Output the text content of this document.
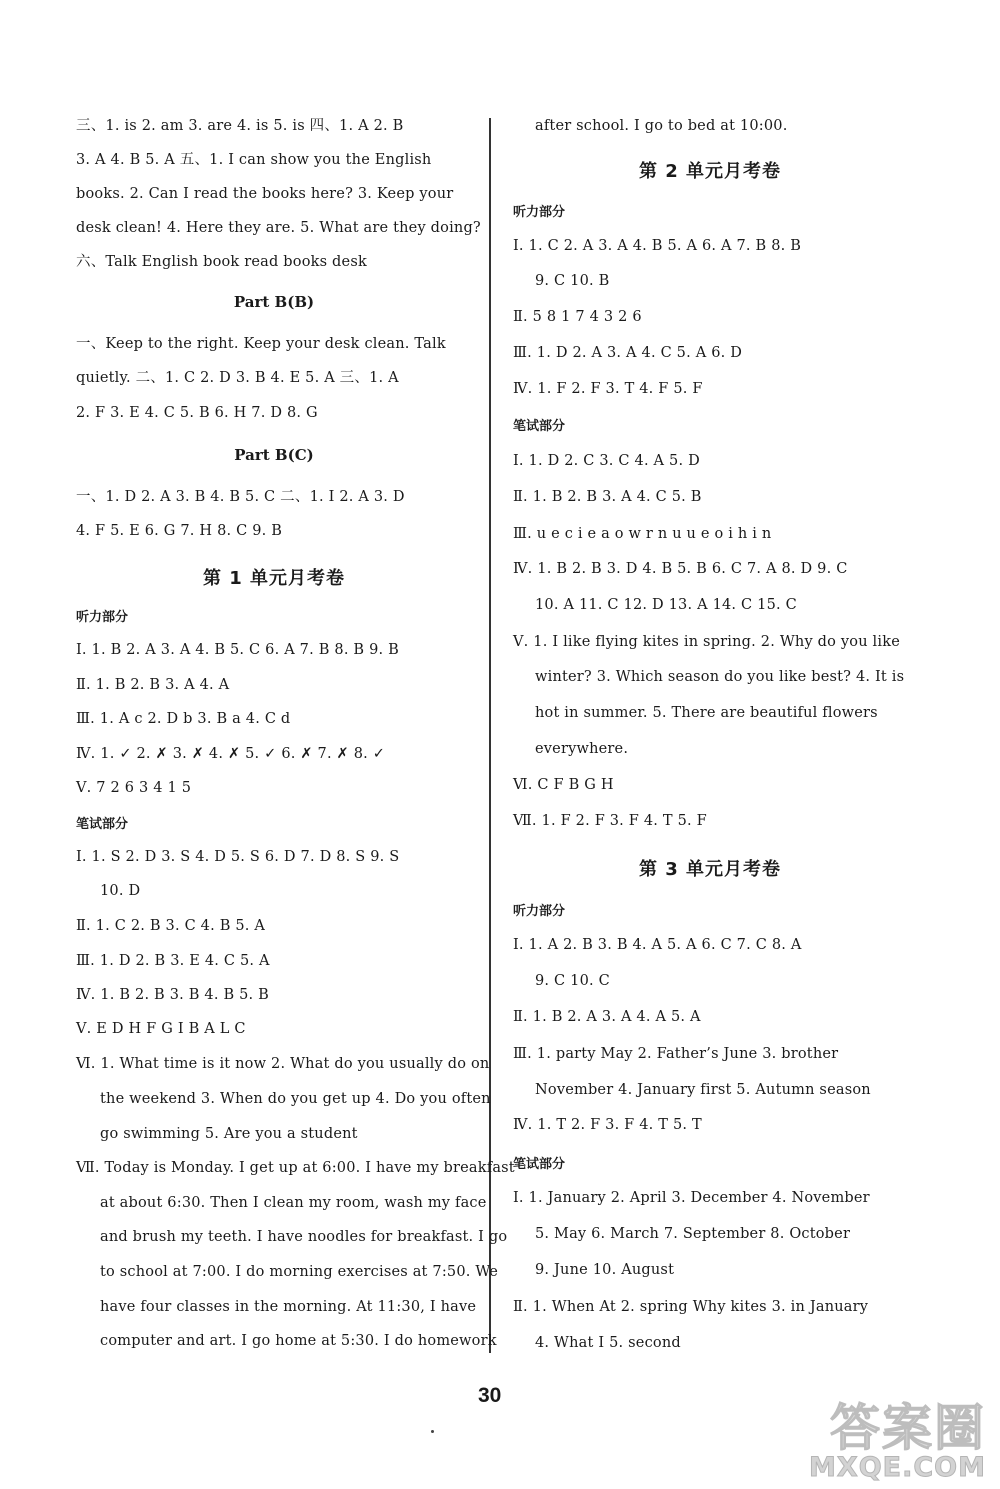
三、1. is 2. am 3. are 4. is 5. is 四、1. A 2. B
3. A 4. B 5. A 五、1. I can show you the English
books. 2. Can I read the books here? 3. Keep your
desk clean! 4. Here they are. 5. What are they doing?
六、Talk English book read books desk
Part B(B)
一、Keep to the right. Keep your desk clean. Talk
quietly. 二、1. C 2. D 3. B 4. E 5. A 三、1. A
2. F 3. E 4. C 5. B 6. H 7. D 8. G
Part B(C)
一、1. D 2. A 3. B 4. B 5. C 二、1. I 2. A 3. D
4. F 5. E 6. G 7. H 8. C 9. B
第 1 单元月考卷
听力部分
Ⅰ. 1. B 2. A 3. A 4. B 5. C 6. A 7. B 8. B 9. B
Ⅱ. 1. B 2. B 3. A 4. A
Ⅲ. 1. A c 2. D b 3. B a 4. C d
Ⅳ. 1. ✓ 2. ✗ 3. ✗ 4. ✗ 5. ✓ 6. ✗ 7. ✗ 8. ✓
Ⅴ. 7 2 6 3 4 1 5
笔试部分
Ⅰ. 1. S 2. D 3. S 4. D 5. S 6. D 7. D 8. S 9. S
10. D
Ⅱ. 1. C 2. B 3. C 4. B 5. A
Ⅲ. 1. D 2. B 3. E 4. C 5. A
Ⅳ. 1. B 2. B 3. B 4. B 5. B
Ⅴ. E D H F G I B A L C
Ⅵ. 1. What time is it now 2. What do you usually do on
the weekend 3. When do you get up 4. Do you often
go swimming 5. Are you a student
Ⅶ. Today is Monday. I get up at 6:00. I have my breakfast
at about 6:30. Then I clean my room, wash my face
and brush my teeth. I have noodles for breakfast. I go
to school at 7:00. I do morning exercises at 7:50. We
have four classes in the morning. At 11:30, I have
computer and art. I go home at 5:30. I do homework
after school. I go to bed at 10:00.
第 2 单元月考卷
听力部分
Ⅰ. 1. C 2. A 3. A 4. B 5. A 6. A 7. B 8. B
9. C 10. B
Ⅱ. 5 8 1 7 4 3 2 6
Ⅲ. 1. D 2. A 3. A 4. C 5. A 6. D
Ⅳ. 1. F 2. F 3. T 4. F 5. F
笔试部分
Ⅰ. 1. D 2. C 3. C 4. A 5. D
Ⅱ. 1. B 2. B 3. A 4. C 5. B
Ⅲ. u e c i e a o w r n u u e o i h i n
Ⅳ. 1. B 2. B 3. D 4. B 5. B 6. C 7. A 8. D 9. C
10. A 11. C 12. D 13. A 14. C 15. C
Ⅴ. 1. I like flying kites in spring. 2. Why do you like
winter? 3. Which season do you like best? 4. It is
hot in summer. 5. There are beautiful flowers
everywhere.
Ⅵ. C F B G H
Ⅶ. 1. F 2. F 3. F 4. T 5. F
第 3 单元月考卷
听力部分
Ⅰ. 1. A 2. B 3. B 4. A 5. A 6. C 7. C 8. A
9. C 10. C
Ⅱ. 1. B 2. A 3. A 4. A 5. A
Ⅲ. 1. party May 2. Father’s June 3. brother
November 4. January first 5. Autumn season
Ⅳ. 1. T 2. F 3. F 4. T 5. T
笔试部分
Ⅰ. 1. January 2. April 3. December 4. November
5. May 6. March 7. September 8. October
9. June 10. August
Ⅱ. 1. When At 2. spring Why kites 3. in January
4. What I 5. second
30
答案圈
MXQE.COM
